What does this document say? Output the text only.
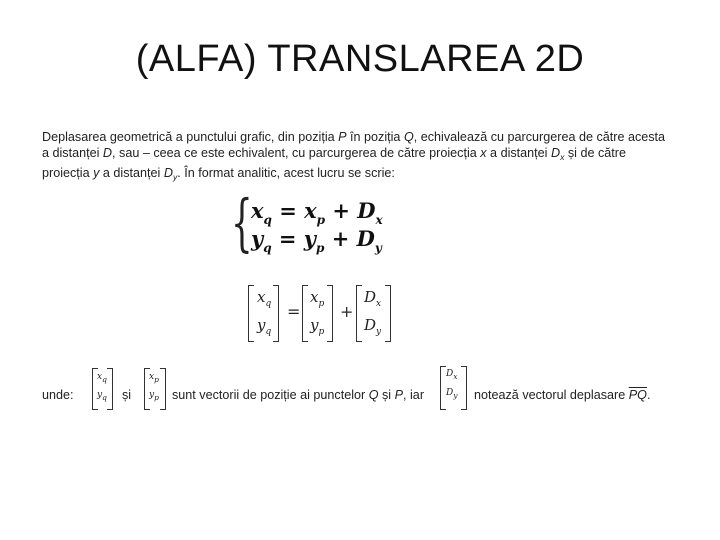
(ALFA) TRANSLAREA 2D
Deplasarea geometrică a punctului grafic, din poziția P în poziția Q, echivalează cu parcurgerea de către acesta
a distanței D, sau – ceea ce este echivalent, cu parcurgerea de către proiecția x a distanței $D_x$ și de către
proiecția y a distanței $D_y$. În format analitic, acest lucru se scrie:
{
$x_q = x_p + D_x$
$y_q = y_p + D_y$
$x_q$
$y_q$
=
$x_p$
$y_p$
+
$D_x$
$D_y$
unde:
$x_q$
$y_q$ și
$x_p$
$y_p$ sunt vectorii de poziție ai punctelor Q și P, iar
$D_x$
$D_y$ notează vectorul deplasare $\overline{PQ}$.
